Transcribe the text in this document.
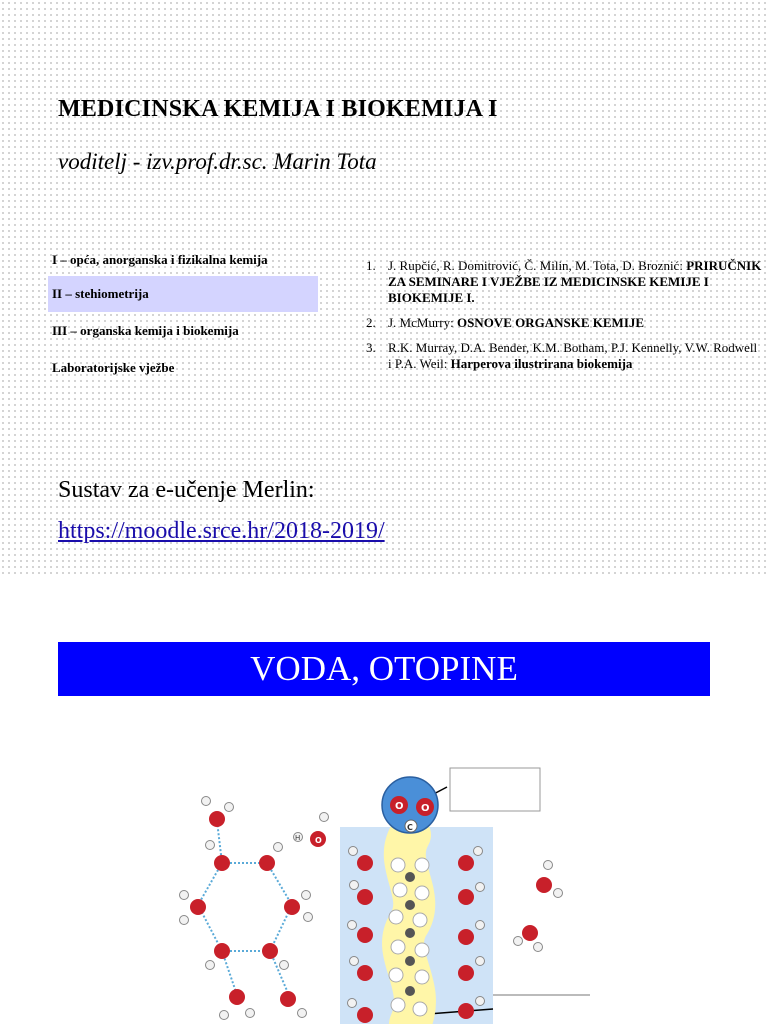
MEDICINSKA KEMIJA I BIOKEMIJA I
voditelj - izv.prof.dr.sc. Marin Tota
I – opća, anorganska i fizikalna kemija
II – stehiometrija
III – organska kemija i biokemija
Laboratorijske vježbe
1. J. Rupčić, R. Domitrović, Č. Milin, M. Tota, D. Broznić: PRIRUČNIK ZA SEMINARE I VJEŽBE IZ MEDICINSKE KEMIJE I BIOKEMIJE I.
2. J. McMurry: OSNOVE ORGANSKE KEMIJE
3. R.K. Murray, D.A. Bender, K.M. Botham, P.J. Kennelly, V.W. Rodwell i P.A. Weil: Harperova ilustrirana biokemija
Sustav za e-učenje Merlin:
https://moodle.srce.hr/2018-2019/
VODA, OTOPINE
O O
C
H O
